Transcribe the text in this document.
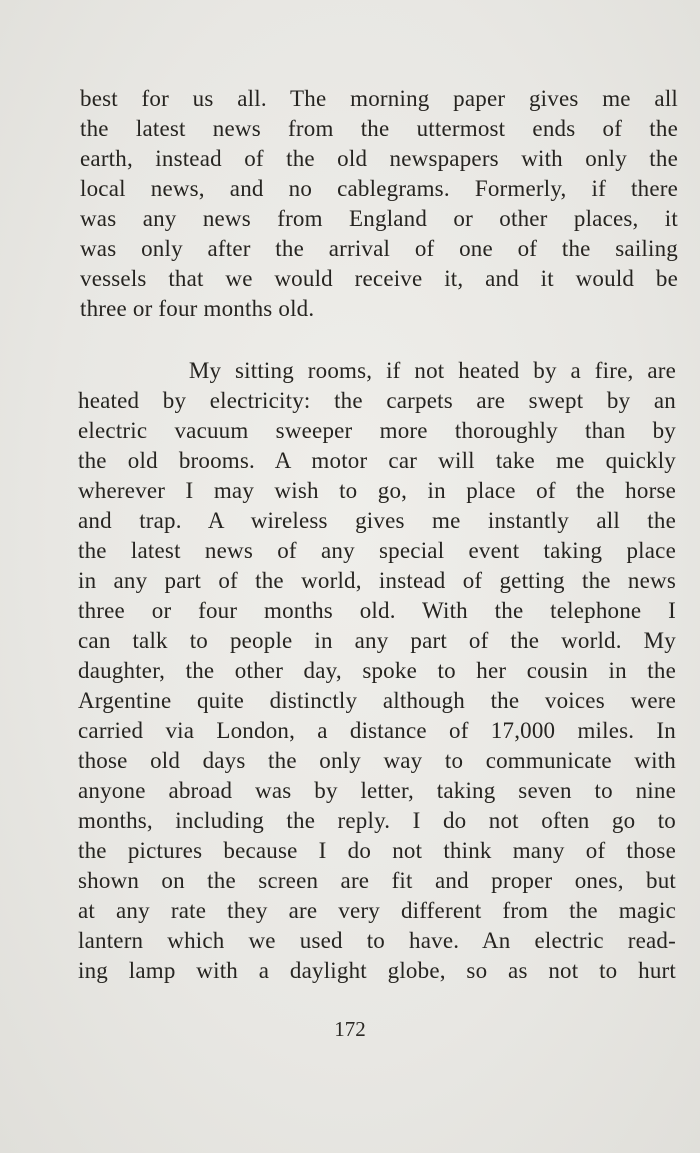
best for us all. The morning paper gives me all
the latest news from the uttermost ends of the
earth, instead of the old newspapers with only the
local news, and no cablegrams. Formerly, if there
was any news from England or other places, it
was only after the arrival of one of the sailing
vessels that we would receive it, and it would be
three or four months old.
My sitting rooms, if not heated by a fire, are
heated by electricity: the carpets are swept by an
electric vacuum sweeper more thoroughly than by
the old brooms. A motor car will take me quickly
wherever I may wish to go, in place of the horse
and trap. A wireless gives me instantly all the
the latest news of any special event taking place
in any part of the world, instead of getting the news
three or four months old. With the telephone I
can talk to people in any part of the world. My
daughter, the other day, spoke to her cousin in the
Argentine quite distinctly although the voices were
carried via London, a distance of 17,000 miles. In
those old days the only way to communicate with
anyone abroad was by letter, taking seven to nine
months, including the reply. I do not often go to
the pictures because I do not think many of those
shown on the screen are fit and proper ones, but
at any rate they are very different from the magic
lantern which we used to have. An electric read-
ing lamp with a daylight globe, so as not to hurt
172
